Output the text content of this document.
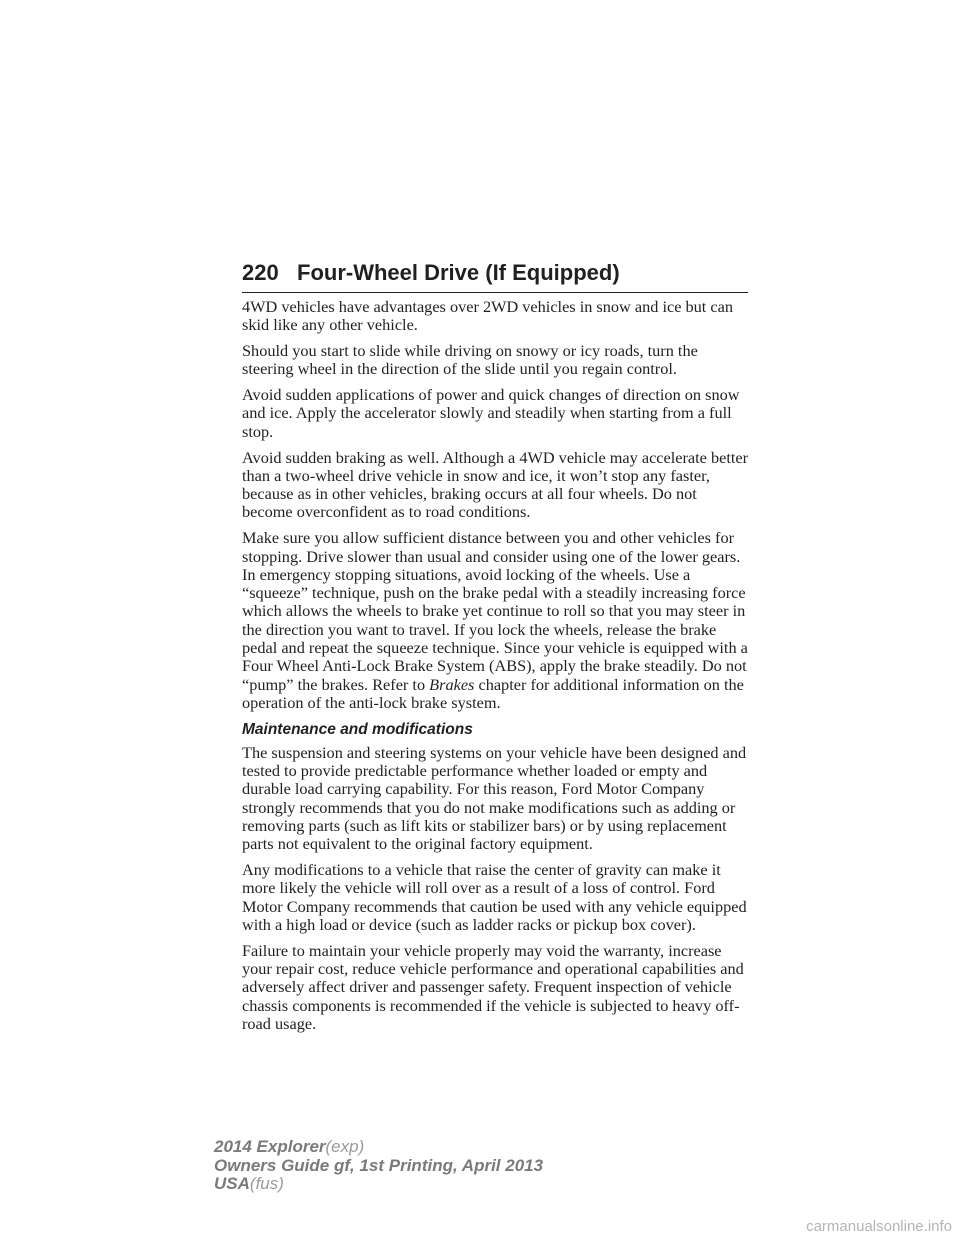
220 Four-Wheel Drive (If Equipped)

4WD vehicles have advantages over 2WD vehicles in snow and ice but can skid like any other vehicle.

Should you start to slide while driving on snowy or icy roads, turn the steering wheel in the direction of the slide until you regain control.

Avoid sudden applications of power and quick changes of direction on snow and ice. Apply the accelerator slowly and steadily when starting from a full stop.

Avoid sudden braking as well. Although a 4WD vehicle may accelerate better than a two-wheel drive vehicle in snow and ice, it won’t stop any faster, because as in other vehicles, braking occurs at all four wheels. Do not become overconfident as to road conditions.

Make sure you allow sufficient distance between you and other vehicles for stopping. Drive slower than usual and consider using one of the lower gears. In emergency stopping situations, avoid locking of the wheels. Use a “squeeze” technique, push on the brake pedal with a steadily increasing force which allows the wheels to brake yet continue to roll so that you may steer in the direction you want to travel. If you lock the wheels, release the brake pedal and repeat the squeeze technique. Since your vehicle is equipped with a Four Wheel Anti-Lock Brake System (ABS), apply the brake steadily. Do not “pump” the brakes. Refer to Brakes chapter for additional information on the operation of the anti-lock brake system.

Maintenance and modifications

The suspension and steering systems on your vehicle have been designed and tested to provide predictable performance whether loaded or empty and durable load carrying capability. For this reason, Ford Motor Company strongly recommends that you do not make modifications such as adding or removing parts (such as lift kits or stabilizer bars) or by using replacement parts not equivalent to the original factory equipment.

Any modifications to a vehicle that raise the center of gravity can make it more likely the vehicle will roll over as a result of a loss of control. Ford Motor Company recommends that caution be used with any vehicle equipped with a high load or device (such as ladder racks or pickup box cover).

Failure to maintain your vehicle properly may void the warranty, increase your repair cost, reduce vehicle performance and operational capabilities and adversely affect driver and passenger safety. Frequent inspection of vehicle chassis components is recommended if the vehicle is subjected to heavy off-road usage.

2014 Explorer(exp)
Owners Guide gf, 1st Printing, April 2013
USA(fus)
carmanualsonline.info
